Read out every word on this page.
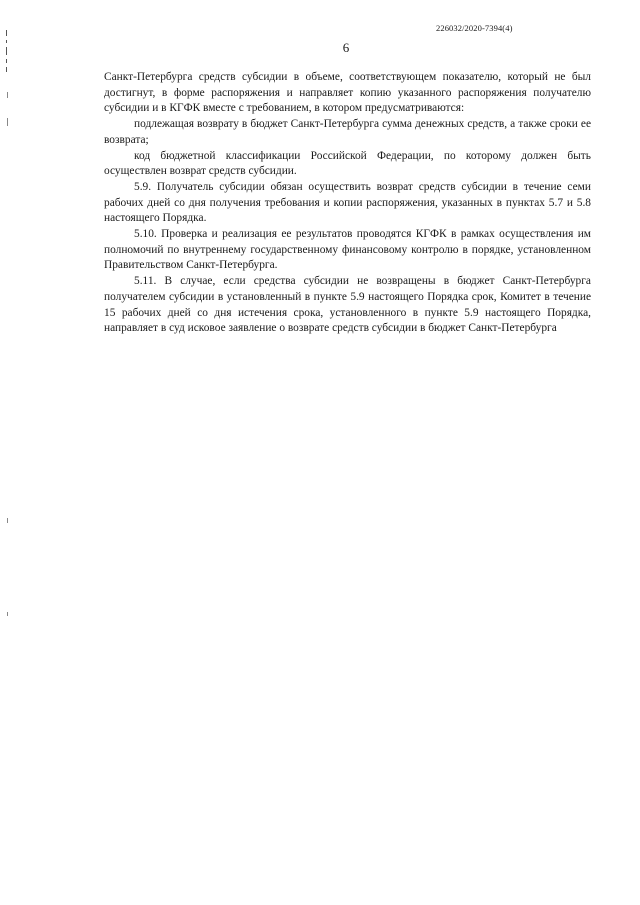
226032/2020-7394(4)
6

Санкт-Петербурга средств субсидии в объеме, соответствующем показателю, который не был достигнут, в форме распоряжения и направляет копию указанного распоряжения получателю субсидии и в КГФК вместе с требованием, в котором предусматриваются:

подлежащая возврату в бюджет Санкт-Петербурга сумма денежных средств, а также сроки ее возврата;

код бюджетной классификации Российской Федерации, по которому должен быть осуществлен возврат средств субсидии.

5.9. Получатель субсидии обязан осуществить возврат средств субсидии в течение семи рабочих дней со дня получения требования и копии распоряжения, указанных в пунктах 5.7 и 5.8 настоящего Порядка.

5.10. Проверка и реализация ее результатов проводятся КГФК в рамках осуществления им полномочий по внутреннему государственному финансовому контролю в порядке, установленном Правительством Санкт-Петербурга.

5.11. В случае, если средства субсидии не возвращены в бюджет Санкт-Петербурга получателем субсидии в установленный в пункте 5.9 настоящего Порядка срок, Комитет в течение 15 рабочих дней со дня истечения срока, установленного в пункте 5.9 настоящего Порядка, направляет в суд исковое заявление о возврате средств субсидии в бюджет Санкт-Петербурга
